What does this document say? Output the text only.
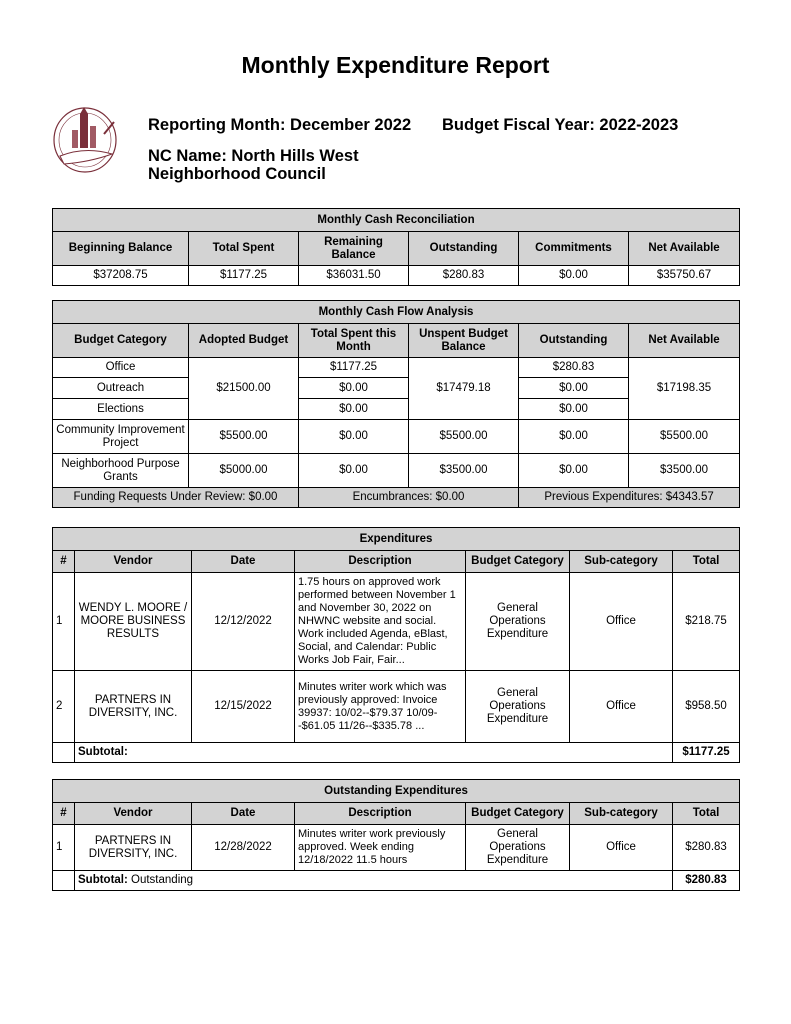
Monthly Expenditure Report
Reporting Month: December 2022 Budget Fiscal Year: 2022-2023
NC Name: North Hills West
Neighborhood Council
Monthly Cash Reconciliation					
Beginning Balance	Total Spent	Remaining Balance	Outstanding	Commitments	Net Available
$37208.75	$1177.25	$36031.50	$280.83	$0.00	$35750.67
Monthly Cash Flow Analysis					
Budget Category	Adopted Budget	Total Spent this Month	Unspent Budget Balance	Outstanding	Net Available
Office	$21500.00	$1177.25	$17479.18	$280.83	$17198.35
Outreach		$0.00		$0.00	
Elections		$0.00		$0.00	
Community Improvement Project	$5500.00	$0.00	$5500.00	$0.00	$5500.00
Neighborhood Purpose Grants	$5000.00	$0.00	$3500.00	$0.00	$3500.00
Funding Requests Under Review: $0.00		Encumbrances: $0.00		Previous Expenditures: $4343.57	
Expenditures						
#	Vendor	Date	Description	Budget Category	Sub-category	Total
1	WENDY L. MOORE / MOORE BUSINESS RESULTS	12/12/2022	1.75 hours on approved work performed between November 1 and November 30, 2022 on NHWNC website and social. Work included Agenda, eBlast, Social, and Calendar: Public Works Job Fair, Fair...	General Operations Expenditure	Office	$218.75
2	PARTNERS IN DIVERSITY, INC.	12/15/2022	Minutes writer work which was previously approved: Invoice 39937: 10/02--$79.37 10/09--$61.05 11/26--$335.78 ...	General Operations Expenditure	Office	$958.50
	Subtotal:					$1177.25
Outstanding Expenditures						
#	Vendor	Date	Description	Budget Category	Sub-category	Total
1	PARTNERS IN DIVERSITY, INC.	12/28/2022	Minutes writer work previously approved. Week ending 12/18/2022 11.5 hours	General Operations Expenditure	Office	$280.83
	Subtotal: Outstanding					$280.83
